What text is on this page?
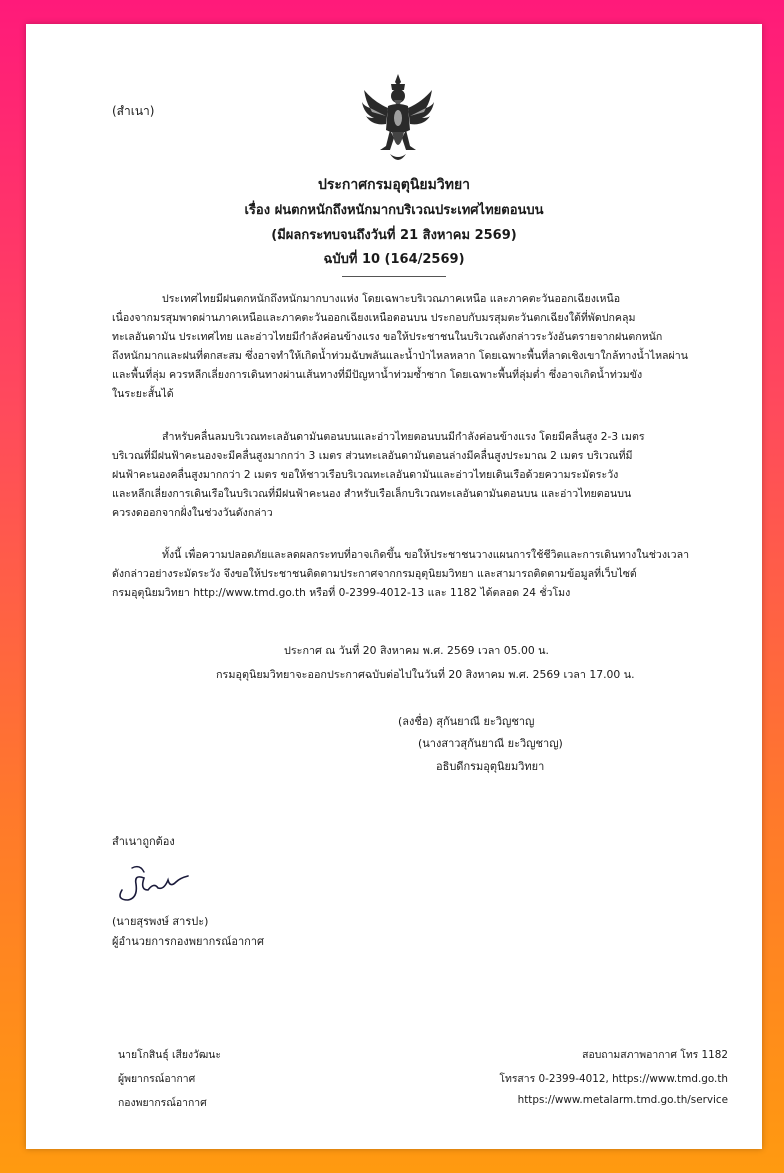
(สำเนา)
ประกาศกรมอุตุนิยมวิทยา
เรื่อง ฝนตกหนักถึงหนักมากบริเวณประเทศไทยตอนบน
(มีผลกระทบจนถึงวันที่ 21 สิงหาคม 2569)
ฉบับที่ 10 (164/2569)
ประเทศไทยมีฝนตกหนักถึงหนักมากบางแห่ง โดยเฉพาะบริเวณภาคเหนือ และภาคตะวันออกเฉียงเหนือ
เนื่องจากมรสุมพาดผ่านภาคเหนือและภาคตะวันออกเฉียงเหนือตอนบน ประกอบกับมรสุมตะวันตกเฉียงใต้ที่พัดปกคลุม
ทะเลอันดามัน ประเทศไทย และอ่าวไทยมีกำลังค่อนข้างแรง ขอให้ประชาชนในบริเวณดังกล่าวระวังอันตรายจากฝนตกหนัก
ถึงหนักมากและฝนที่ตกสะสม ซึ่งอาจทำให้เกิดน้ำท่วมฉับพลันและน้ำป่าไหลหลาก โดยเฉพาะพื้นที่ลาดเชิงเขาใกล้ทางน้ำไหลผ่าน
และพื้นที่ลุ่ม ควรหลีกเลี่ยงการเดินทางผ่านเส้นทางที่มีปัญหาน้ำท่วมซ้ำซาก โดยเฉพาะพื้นที่ลุ่มต่ำ ซึ่งอาจเกิดน้ำท่วมขัง
ในระยะสั้นได้
สำหรับคลื่นลมบริเวณทะเลอันดามันตอนบนและอ่าวไทยตอนบนมีกำลังค่อนข้างแรง โดยมีคลื่นสูง 2-3 เมตร
บริเวณที่มีฝนฟ้าคะนองจะมีคลื่นสูงมากกว่า 3 เมตร ส่วนทะเลอันดามันตอนล่างมีคลื่นสูงประมาณ 2 เมตร บริเวณที่มี
ฝนฟ้าคะนองคลื่นสูงมากกว่า 2 เมตร ขอให้ชาวเรือบริเวณทะเลอันดามันและอ่าวไทยเดินเรือด้วยความระมัดระวัง
และหลีกเลี่ยงการเดินเรือในบริเวณที่มีฝนฟ้าคะนอง สำหรับเรือเล็กบริเวณทะเลอันดามันตอนบน และอ่าวไทยตอนบน
ควรงดออกจากฝั่งในช่วงวันดังกล่าว
ทั้งนี้ เพื่อความปลอดภัยและลดผลกระทบที่อาจเกิดขึ้น ขอให้ประชาชนวางแผนการใช้ชีวิตและการเดินทางในช่วงเวลา
ดังกล่าวอย่างระมัดระวัง จึงขอให้ประชาชนติดตามประกาศจากกรมอุตุนิยมวิทยา และสามารถติดตามข้อมูลที่เว็บไซต์
กรมอุตุนิยมวิทยา http://www.tmd.go.th หรือที่ 0-2399-4012-13 และ 1182 ได้ตลอด 24 ชั่วโมง
ประกาศ ณ วันที่ 20 สิงหาคม พ.ศ. 2569 เวลา 05.00 น.
กรมอุตุนิยมวิทยาจะออกประกาศฉบับต่อไปในวันที่ 20 สิงหาคม พ.ศ. 2569 เวลา 17.00 น.
(ลงชื่อ) สุกันยาณี ยะวิญชาญ
(นางสาวสุกันยาณี ยะวิญชาญ)
อธิบดีกรมอุตุนิยมวิทยา
สำเนาถูกต้อง
(นายสุรพงษ์ สารปะ)
ผู้อำนวยการกองพยากรณ์อากาศ
นายโกสินธุ์ เสียงวัฒนะ
ผู้พยากรณ์อากาศ
กองพยากรณ์อากาศ
สอบถามสภาพอากาศ โทร 1182
โทรสาร 0-2399-4012, https://www.tmd.go.th
https://www.metalarm.tmd.go.th/service
